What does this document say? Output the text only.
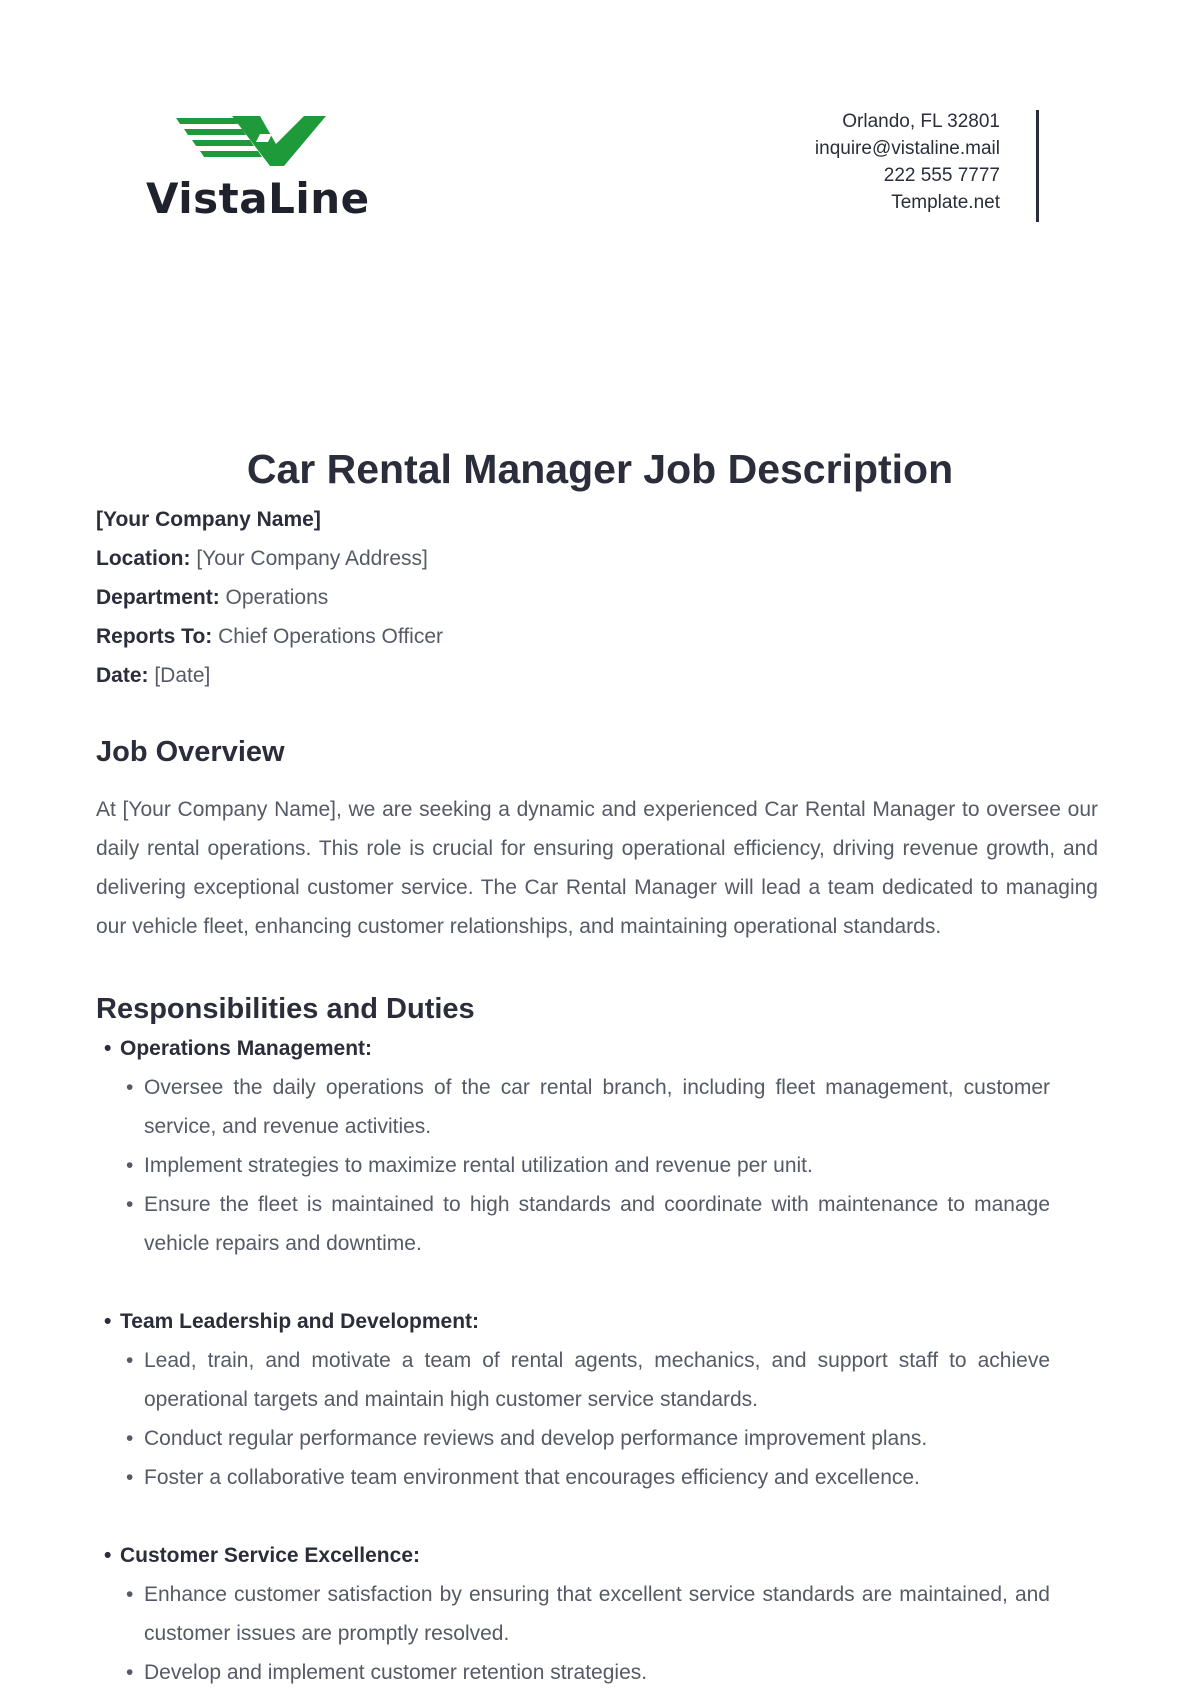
VistaLine
Orlando, FL 32801
inquire@vistaline.mail
222 555 7777
Template.net
Car Rental Manager Job Description
[Your Company Name]
Location: [Your Company Address]
Department: Operations
Reports To: Chief Operations Officer
Date: [Date]
Job Overview

At [Your Company Name], we are seeking a dynamic and experienced Car Rental Manager to oversee our daily rental operations. This role is crucial for ensuring operational efficiency, driving revenue growth, and delivering exceptional customer service. The Car Rental Manager will lead a team dedicated to managing our vehicle fleet, enhancing customer relationships, and maintaining operational standards.

Responsibilities and Duties
• Operations Management:
• Oversee the daily operations of the car rental branch, including fleet management, customer service, and revenue activities.
• Implement strategies to maximize rental utilization and revenue per unit.
• Ensure the fleet is maintained to high standards and coordinate with maintenance to manage vehicle repairs and downtime.
• Team Leadership and Development:
• Lead, train, and motivate a team of rental agents, mechanics, and support staff to achieve operational targets and maintain high customer service standards.
• Conduct regular performance reviews and develop performance improvement plans.
• Foster a collaborative team environment that encourages efficiency and excellence.
• Customer Service Excellence:
• Enhance customer satisfaction by ensuring that excellent service standards are maintained, and customer issues are promptly resolved.
• Develop and implement customer retention strategies.
